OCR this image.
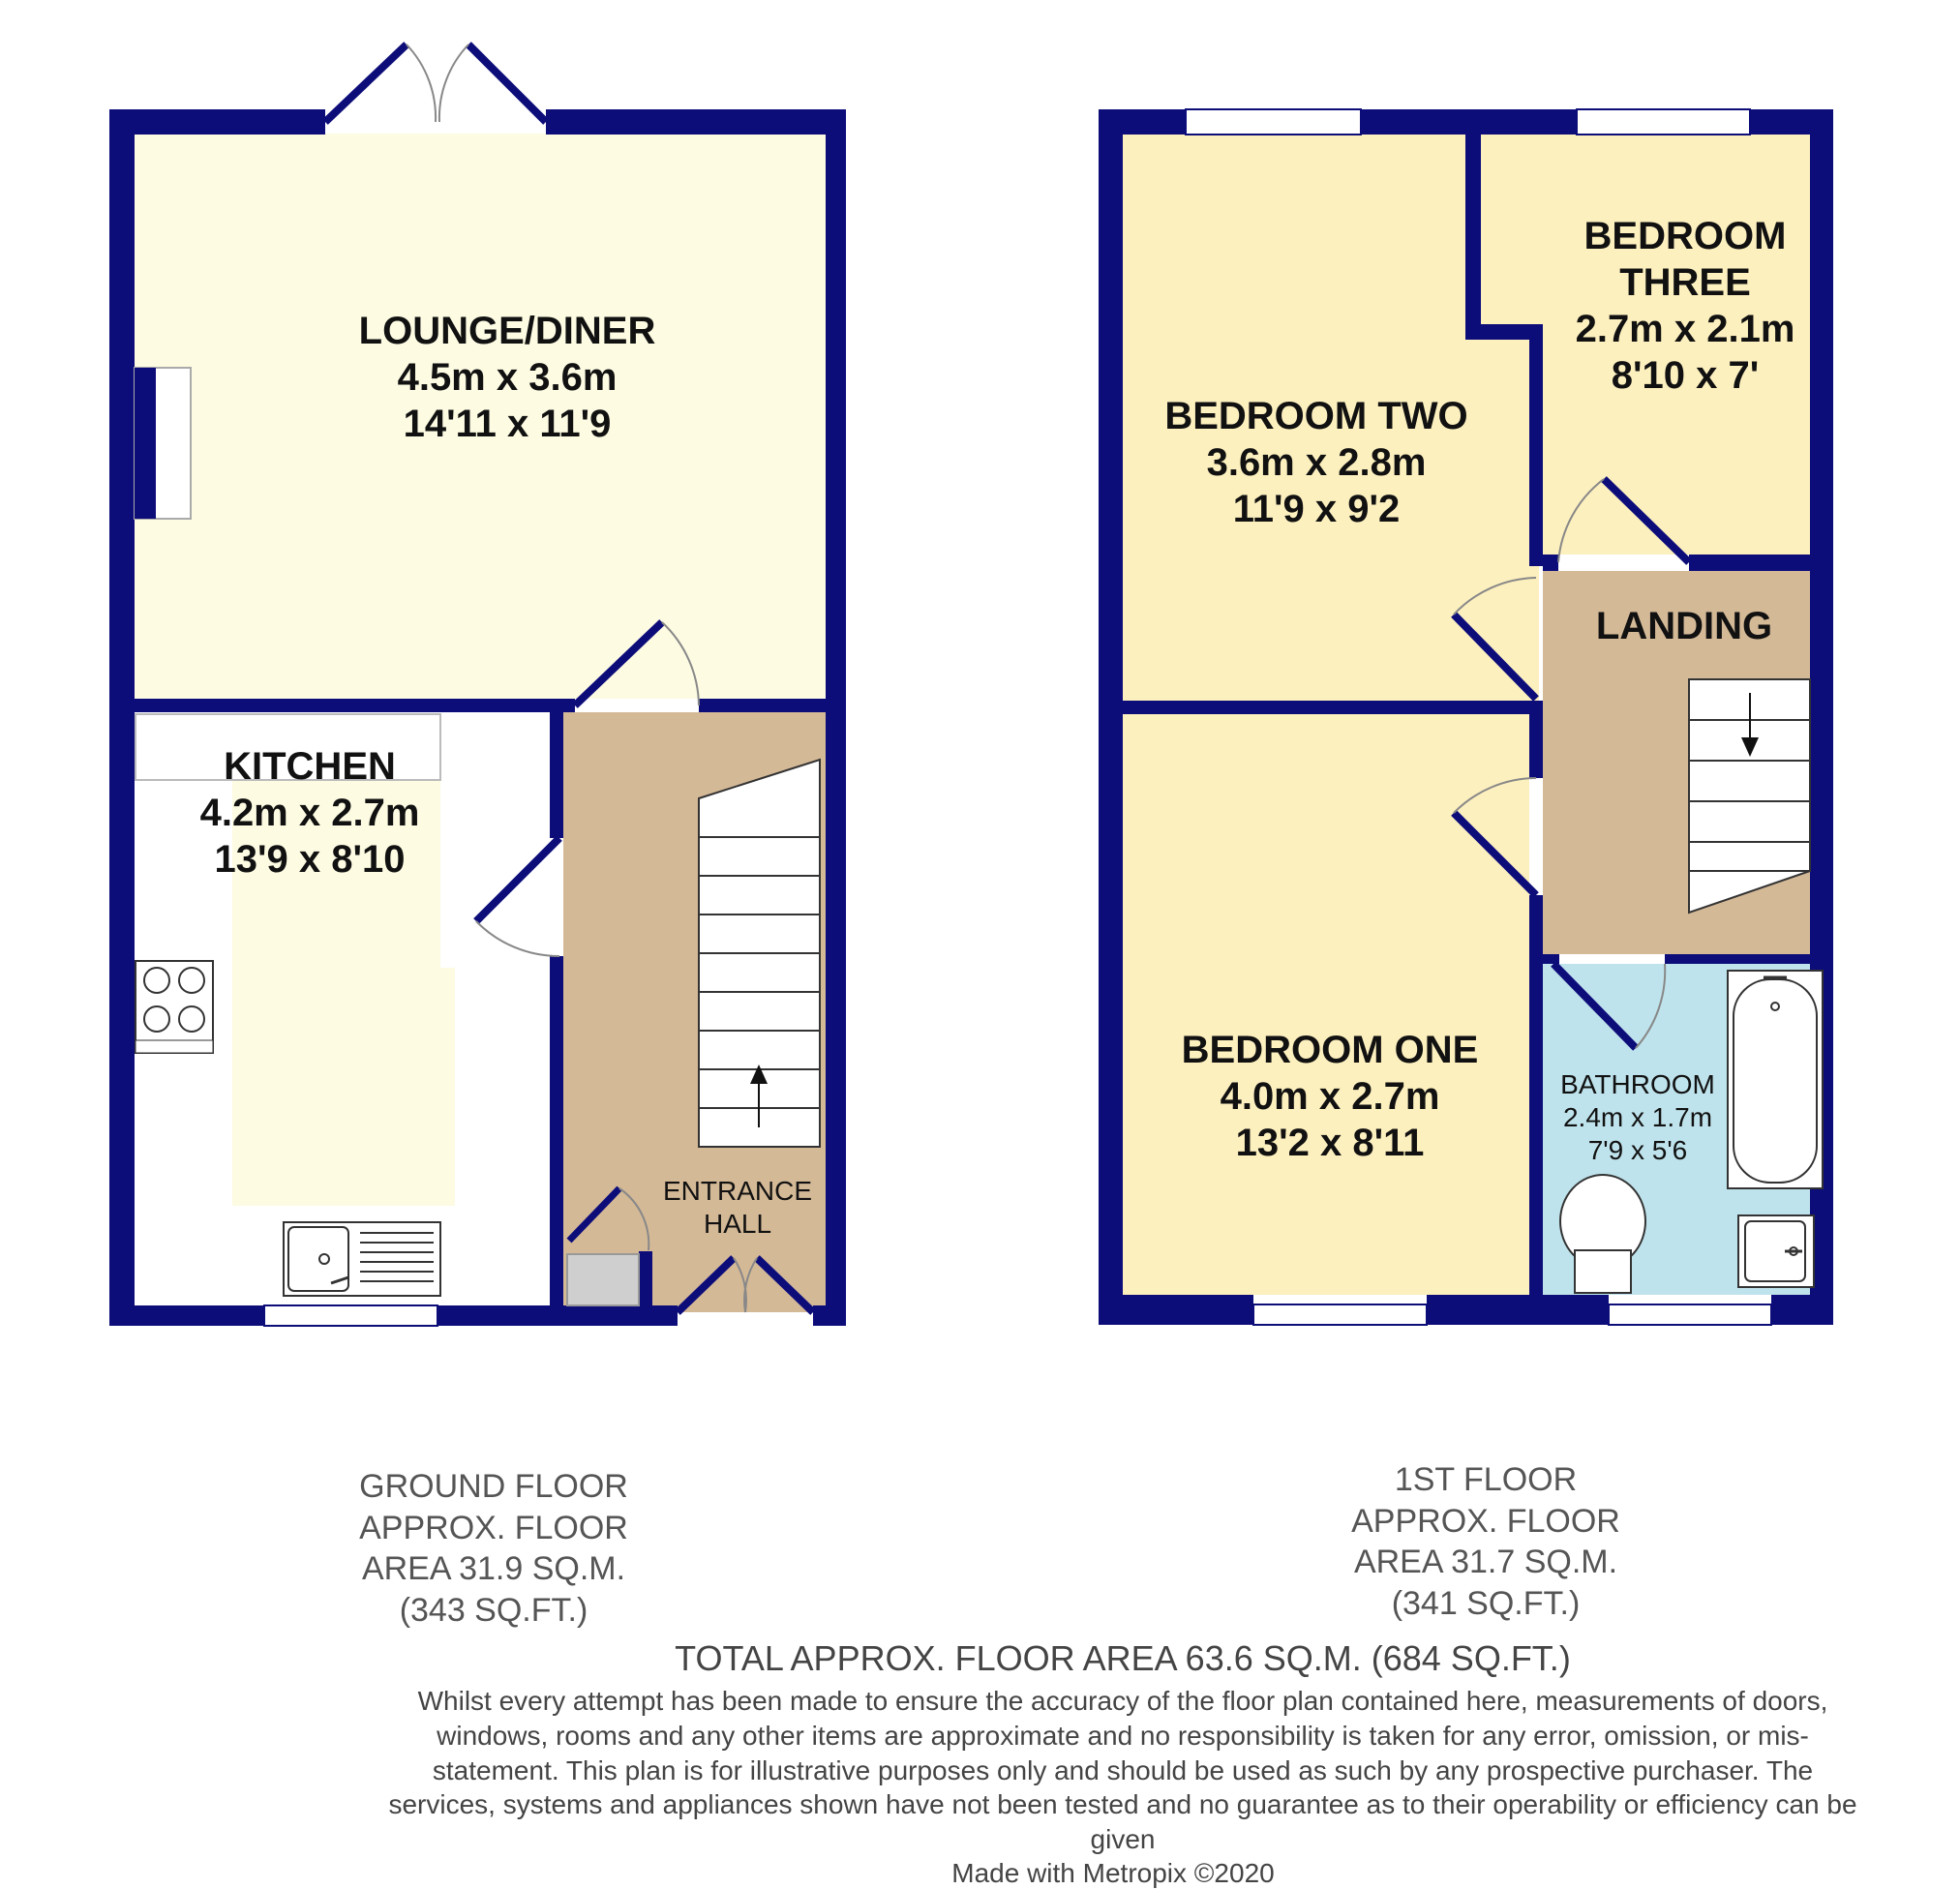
LOUNGE/DINER
4.5m x 3.6m
14'11 x 11'9
KITCHEN
4.2m x 2.7m
13'9 x 8'10
ENTRANCE
HALL
BEDROOM TWO
3.6m x 2.8m
11'9 x 9'2
BEDROOM
THREE
2.7m x 2.1m
8'10 x 7'
LANDING
BEDROOM ONE
4.0m x 2.7m
13'2 x 8'11
BATHROOM
2.4m x 1.7m
7'9 x 5'6
GROUND FLOOR
APPROX. FLOOR
AREA 31.9 SQ.M.
(343 SQ.FT.)
1ST FLOOR
APPROX. FLOOR
AREA 31.7 SQ.M.
(341 SQ.FT.)
TOTAL APPROX. FLOOR AREA 63.6 SQ.M. (684 SQ.FT.)
Whilst every attempt has been made to ensure the accuracy of the floor plan contained here, measurements of doors, windows, rooms and any other items are approximate and no responsibility is taken for any error, omission, or mis-statement. This plan is for illustrative purposes only and should be used as such by any prospective purchaser. The services, systems and appliances shown have not been tested and no guarantee as to their operability or efficiency can be given
Made with Metropix ©2020
